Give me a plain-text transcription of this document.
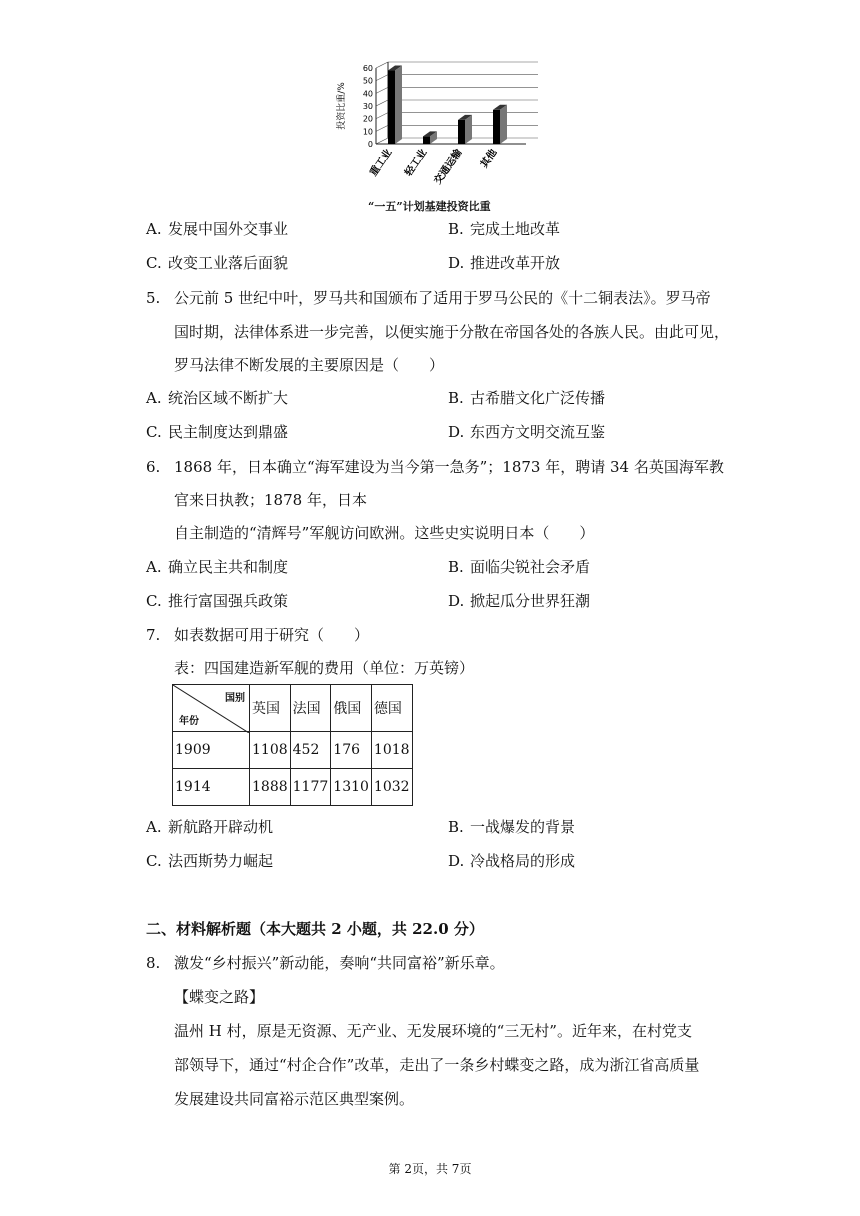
0
10
20
30
40
50
60
投资比重/%
重工业 轻工业 交通运输 其他
“一五”计划基建投资比重
A. 发展中国外交事业	B. 完成土地改革
C. 改变工业落后面貌	D. 推进改革开放
5. 公元前 5 世纪中叶，罗马共和国颁布了适用于罗马公民的《十二铜表法》。罗马帝
国时期，法律体系进一步完善，以便实施于分散在帝国各处的各族人民。由此可见，
罗马法律不断发展的主要原因是（　　）
A. 统治区域不断扩大	B. 古希腊文化广泛传播
C. 民主制度达到鼎盛	D. 东西方文明交流互鉴
6. 1868 年，日本确立“海军建设为当今第一急务”；1873 年，聘请 34 名英国海军教
官来日执教；1878 年，日本
自主制造的“清辉号”军舰访问欧洲。这些史实说明日本（　　）
A. 确立民主共和制度	B. 面临尖锐社会矛盾
C. 推行富国强兵政策	D. 掀起瓜分世界狂潮
7. 如表数据可用于研究（　　）
表：四国建造新军舰的费用（单位：万英镑）
国别
年份	英国	法国	俄国	德国
1909	1108	452	176	1018
1914	1888	1177	1310	1032
A. 新航路开辟动机	B. 一战爆发的背景
C. 法西斯势力崛起	D. 冷战格局的形成
二、材料解析题（本大题共 2 小题，共 22.0 分）
8. 激发“乡村振兴”新动能，奏响“共同富裕”新乐章。
【蝶变之路】
温州 H 村，原是无资源、无产业、无发展环境的“三无村”。近年来，在村党支
部领导下，通过“村企合作”改革，走出了一条乡村蝶变之路，成为浙江省高质量
发展建设共同富裕示范区典型案例。
第 2页，共 7页
